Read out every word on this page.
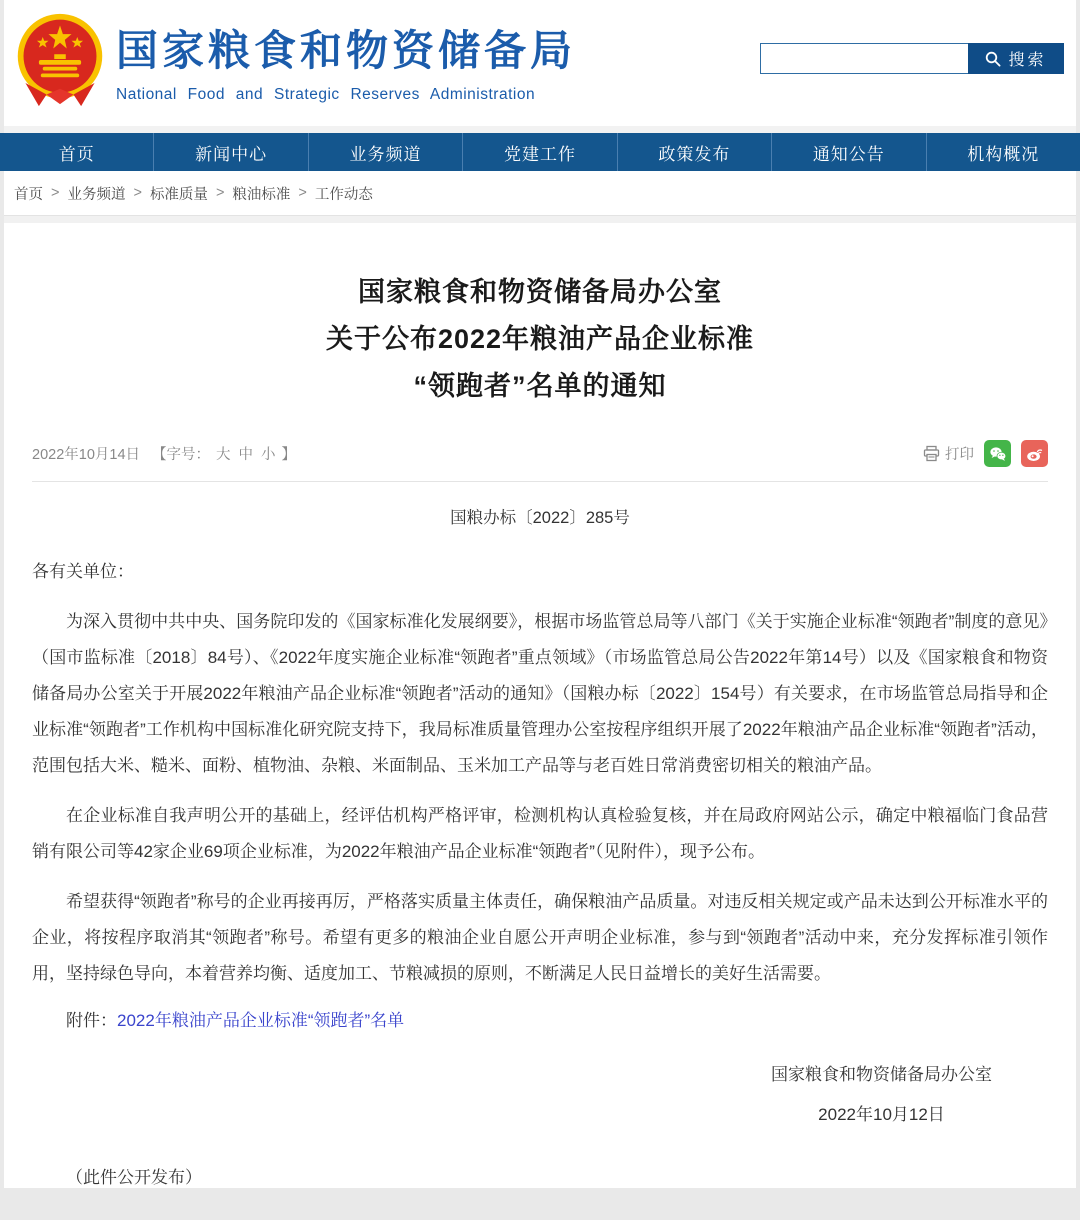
国家粮食和物资储备局
National Food and Strategic Reserves Administration
搜索
首页	新闻中心	业务频道	党建工作	政策发布	通知公告	机构概况
首页 > 业务频道 > 标准质量 > 粮油标准 > 工作动态
国家粮食和物资储备局办公室
关于公布2022年粮油产品企业标准
“领跑者”名单的通知
2022年10月14日 【字号： 大 中 小 】	打印
国粮办标〔2022〕285号

各有关单位：

为深入贯彻中共中央、国务院印发的《国家标准化发展纲要》，根据市场监管总局等八部门《关于实施企业标准“领跑者”制度的意见》（国市监标准〔2018〕84号）、《2022年度实施企业标准“领跑者”重点领域》（市场监管总局公告2022年第14号）以及《国家粮食和物资储备局办公室关于开展2022年粮油产品企业标准“领跑者”活动的通知》（国粮办标〔2022〕154号）有关要求，在市场监管总局指导和企业标准“领跑者”工作机构中国标准化研究院支持下，我局标准质量管理办公室按程序组织开展了2022年粮油产品企业标准“领跑者”活动，范围包括大米、糙米、面粉、植物油、杂粮、米面制品、玉米加工产品等与老百姓日常消费密切相关的粮油产品。

在企业标准自我声明公开的基础上，经评估机构严格评审，检测机构认真检验复核，并在局政府网站公示，确定中粮福临门食品营销有限公司等42家企业69项企业标准，为2022年粮油产品企业标准“领跑者”（见附件），现予公布。

希望获得“领跑者”称号的企业再接再厉，严格落实质量主体责任，确保粮油产品质量。对违反相关规定或产品未达到公开标准水平的企业，将按程序取消其“领跑者”称号。希望有更多的粮油企业自愿公开声明企业标准，参与到“领跑者”活动中来，充分发挥标准引领作用，坚持绿色导向，本着营养均衡、适度加工、节粮减损的原则，不断满足人民日益增长的美好生活需要。

附件：2022年粮油产品企业标准“领跑者”名单
国家粮食和物资储备局办公室
2022年10月12日
（此件公开发布）
